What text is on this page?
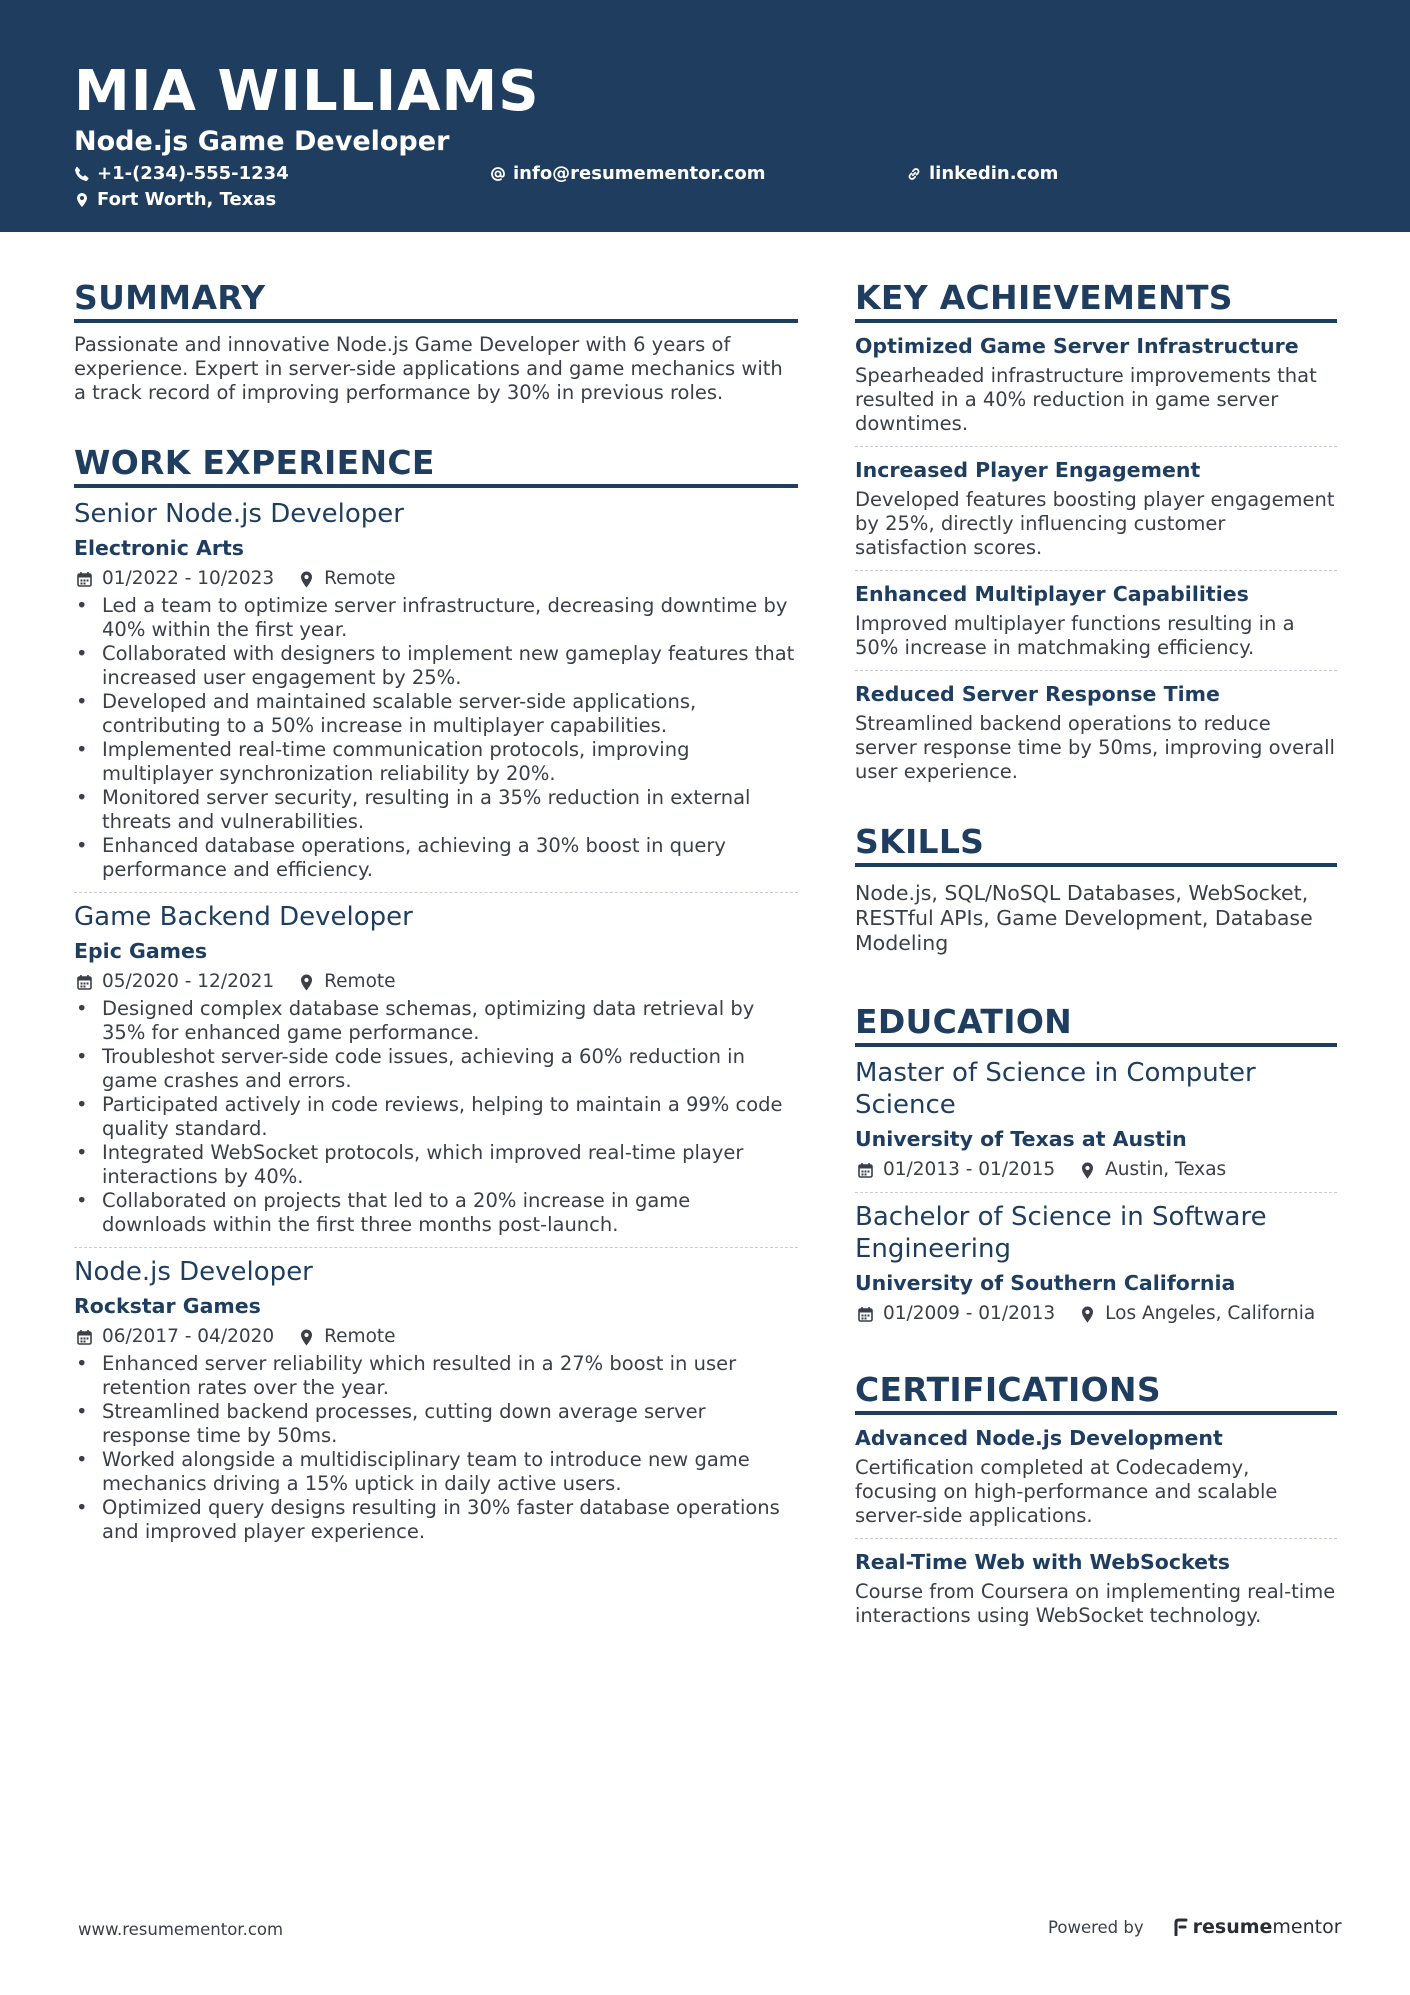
MIA WILLIAMS
Node.js Game Developer
+1-(234)-555-1234	info@resumementor.com	linkedin.com
Fort Worth, Texas
SUMMARY
Passionate and innovative Node.js Game Developer with 6 years of experience. Expert in server-side applications and game mechanics with a track record of improving performance by 30% in previous roles.
WORK EXPERIENCE
Senior Node.js Developer
Electronic Arts
01/2022 - 10/2023	Remote
• Led a team to optimize server infrastructure, decreasing downtime by 40% within the first year.
• Collaborated with designers to implement new gameplay features that increased user engagement by 25%.
• Developed and maintained scalable server-side applications, contributing to a 50% increase in multiplayer capabilities.
• Implemented real-time communication protocols, improving multiplayer synchronization reliability by 20%.
• Monitored server security, resulting in a 35% reduction in external threats and vulnerabilities.
• Enhanced database operations, achieving a 30% boost in query performance and efficiency.
Game Backend Developer
Epic Games
05/2020 - 12/2021	Remote
• Designed complex database schemas, optimizing data retrieval by 35% for enhanced game performance.
• Troubleshot server-side code issues, achieving a 60% reduction in game crashes and errors.
• Participated actively in code reviews, helping to maintain a 99% code quality standard.
• Integrated WebSocket protocols, which improved real-time player interactions by 40%.
• Collaborated on projects that led to a 20% increase in game downloads within the first three months post-launch.
Node.js Developer
Rockstar Games
06/2017 - 04/2020	Remote
• Enhanced server reliability which resulted in a 27% boost in user retention rates over the year.
• Streamlined backend processes, cutting down average server response time by 50ms.
• Worked alongside a multidisciplinary team to introduce new game mechanics driving a 15% uptick in daily active users.
• Optimized query designs resulting in 30% faster database operations and improved player experience.
KEY ACHIEVEMENTS
Optimized Game Server Infrastructure
Spearheaded infrastructure improvements that resulted in a 40% reduction in game server downtimes.
Increased Player Engagement
Developed features boosting player engagement by 25%, directly influencing customer satisfaction scores.
Enhanced Multiplayer Capabilities
Improved multiplayer functions resulting in a 50% increase in matchmaking efficiency.
Reduced Server Response Time
Streamlined backend operations to reduce server response time by 50ms, improving overall user experience.
SKILLS
Node.js, SQL/NoSQL Databases, WebSocket, RESTful APIs, Game Development, Database Modeling
EDUCATION
Master of Science in Computer Science
University of Texas at Austin
01/2013 - 01/2015	Austin, Texas
Bachelor of Science in Software Engineering
University of Southern California
01/2009 - 01/2013	Los Angeles, California
CERTIFICATIONS
Advanced Node.js Development
Certification completed at Codecademy, focusing on high-performance and scalable server-side applications.
Real-Time Web with WebSockets
Course from Coursera on implementing real-time interactions using WebSocket technology.
www.resumementor.com	Powered by	resume mentor
